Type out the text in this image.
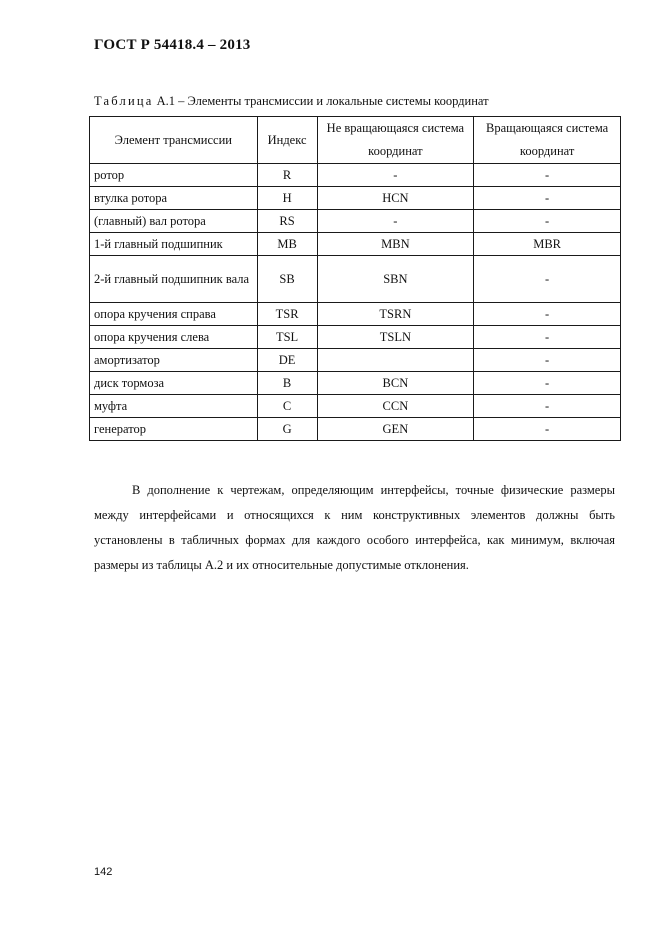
ГОСТ Р 54418.4 – 2013
Таблица А.1 – Элементы трансмиссии и локальные системы координат
Элемент трансмиссии	Индекс	Не вращающаяся система координат	Вращающаяся система координат
ротор	R	-	-
втулка ротора	H	HCN	-
(главный) вал ротора	RS	-	-
1-й главный подшипник	MB	MBN	MBR
2-й главный подшипник вала	SB	SBN	-
опора кручения справа	TSR	TSRN	-
опора кручения слева	TSL	TSLN	-
амортизатор	DE		-
диск тормоза	B	BCN	-
муфта	C	CCN	-
генератор	G	GEN	-

В дополнение к чертежам, определяющим интерфейсы, точные физические размеры между интерфейсами и относящихся к ним конструктивных элементов должны быть установлены в табличных формах для каждого особого интерфейса, как минимум, включая размеры из таблицы А.2 и их относительные допустимые отклонения.

142
